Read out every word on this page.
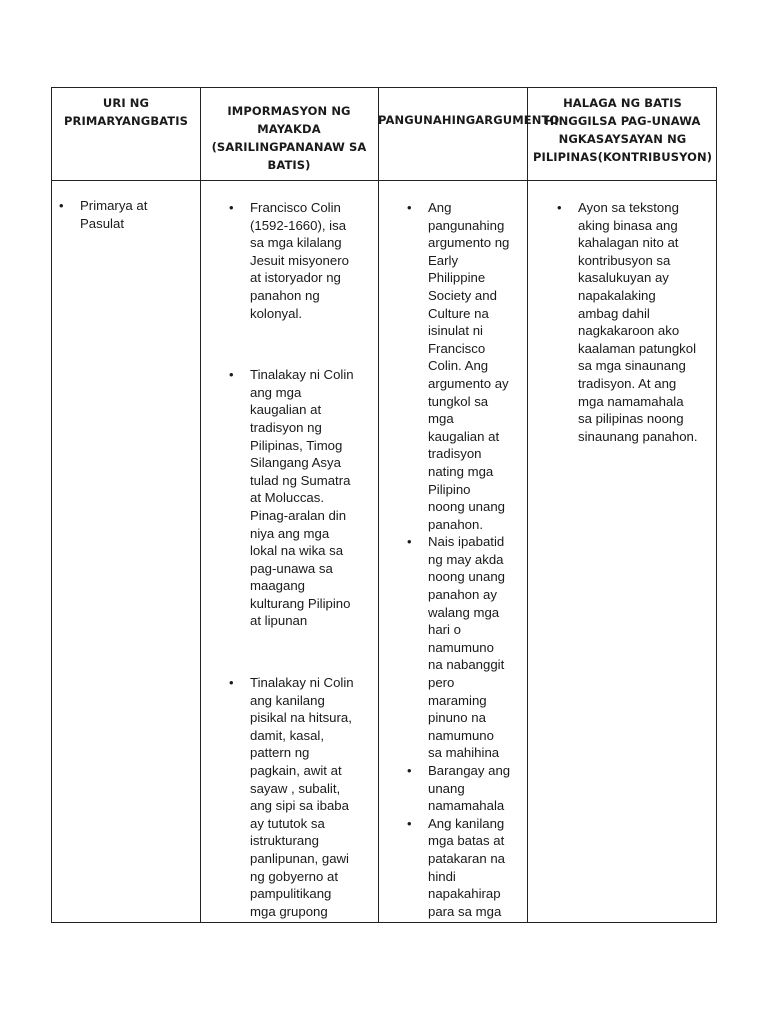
URI NG PRIMARYANGBATIS
IMPORMASYON NG MAYAKDA (SARILINGPANANAW SA BATIS)
PANGUNAHINGARGUMENTO
HALAGA NG BATIS HINGGILSA PAG-UNAWA NGKASAYSAYAN NG PILIPINAS(KONTRIBUSYON)
• Primarya at
Pasulat
• Francisco Colin
(1592-1660), isa
sa mga kilalang
Jesuit misyonero
at istoryador ng
panahon ng
kolonyal.
• Tinalakay ni Colin
ang mga
kaugalian at
tradisyon ng
Pilipinas, Timog
Silangang Asya
tulad ng Sumatra
at Moluccas.
Pinag-aralan din
niya ang mga
lokal na wika sa
pag-unawa sa
maagang
kulturang Pilipino
at lipunan
• Tinalakay ni Colin
ang kanilang
pisikal na hitsura,
damit, kasal,
pattern ng
pagkain, awit at
sayaw , subalit,
ang sipi sa ibaba
ay tututok sa
istrukturang
panlipunan, gawi
ng gobyerno at
pampulitikang
mga grupong
• Ang
pangunahing
argumento ng
Early
Philippine
Society and
Culture na
isinulat ni
Francisco
Colin. Ang
argumento ay
tungkol sa
mga
kaugalian at
tradisyon
nating mga
Pilipino
noong unang
panahon.
• Nais ipabatid
ng may akda
noong unang
panahon ay
walang mga
hari o
namumuno
na nabanggit
pero
maraming
pinuno na
namumuno
sa mahihina
• Barangay ang
unang
namamahala
• Ang kanilang
mga batas at
patakaran na
hindi
napakahirap
para sa mga
• Ayon sa tekstong
aking binasa ang
kahalagan nito at
kontribusyon sa
kasalukuyan ay
napakalaking
ambag dahil
nagkakaroon ako
kaalaman patungkol
sa mga sinaunang
tradisyon. At ang
mga namamahala
sa pilipinas noong
sinaunang panahon.
